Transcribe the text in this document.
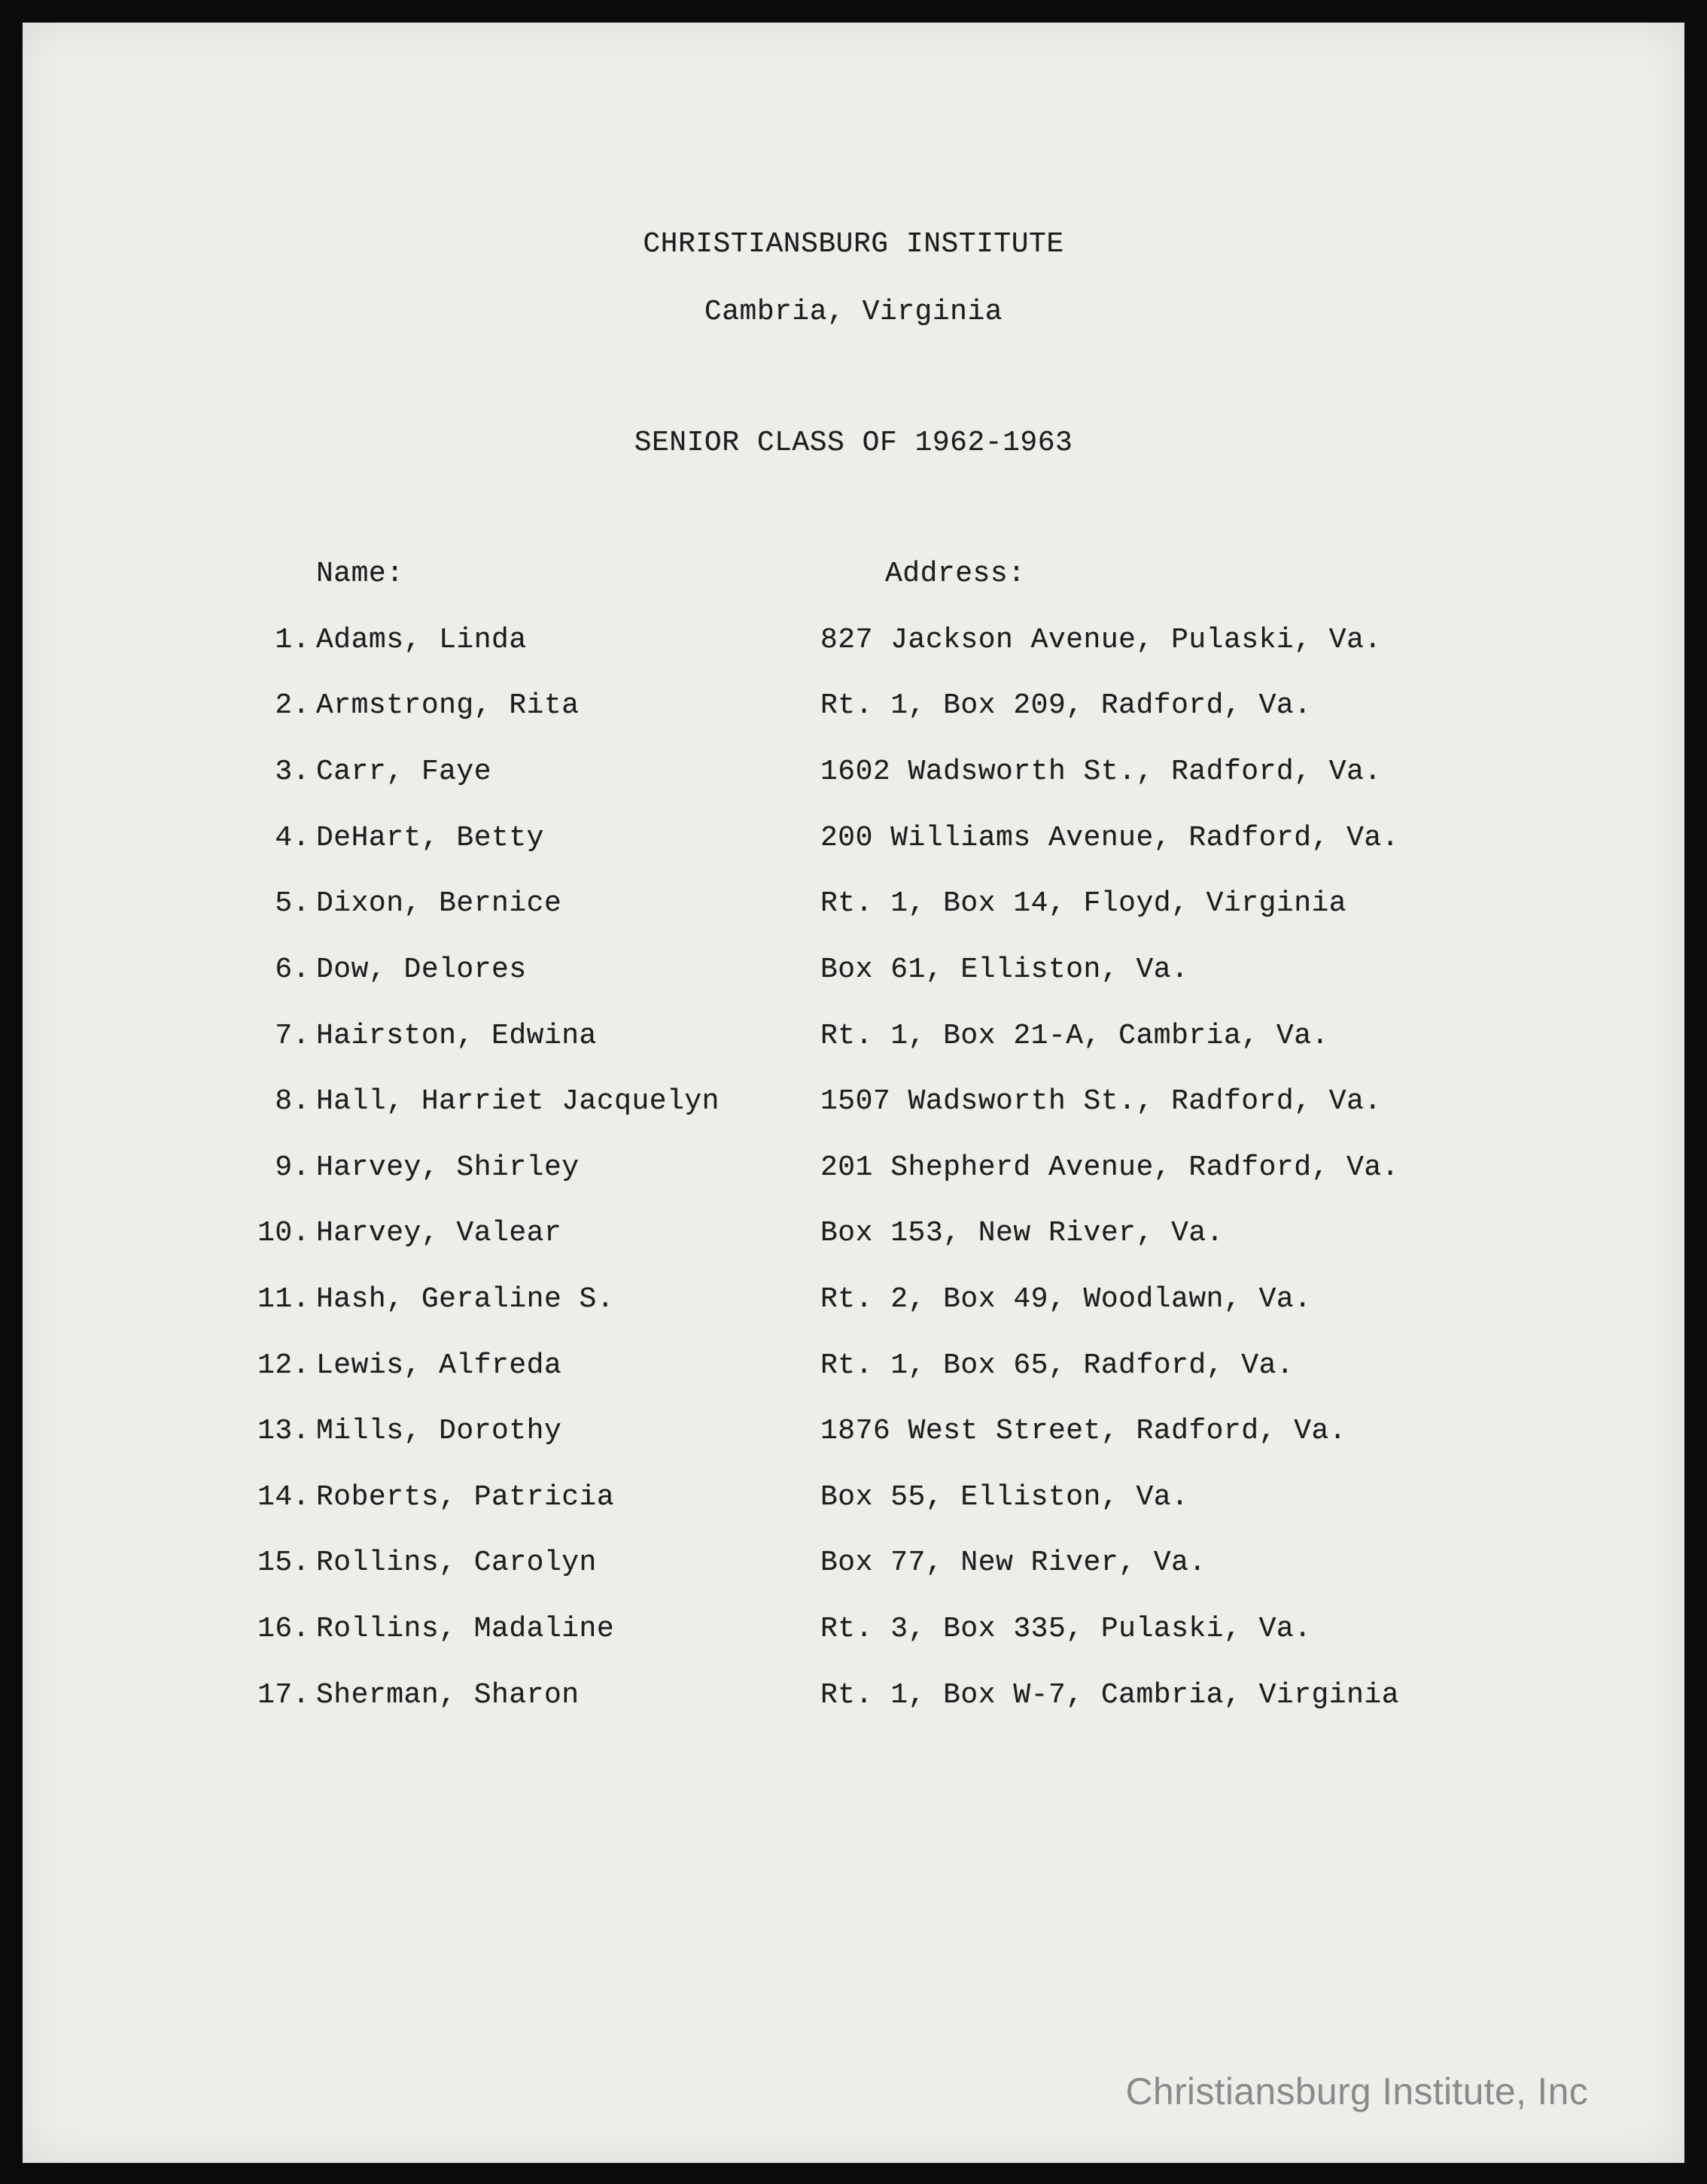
CHRISTIANSBURG INSTITUTE
Cambria, Virginia
SENIOR CLASS OF 1962-1963
Name:	Address:
1. Adams, Linda	827 Jackson Avenue, Pulaski, Va.
2. Armstrong, Rita	Rt. 1, Box 209, Radford, Va.
3. Carr, Faye	1602 Wadsworth St., Radford, Va.
4. DeHart, Betty	200 Williams Avenue, Radford, Va.
5. Dixon, Bernice	Rt. 1, Box 14, Floyd, Virginia
6. Dow, Delores	Box 61, Elliston, Va.
7. Hairston, Edwina	Rt. 1, Box 21-A, Cambria, Va.
8. Hall, Harriet Jacquelyn	1507 Wadsworth St., Radford, Va.
9. Harvey, Shirley	201 Shepherd Avenue, Radford, Va.
10. Harvey, Valear	Box 153, New River, Va.
11. Hash, Geraline S.	Rt. 2, Box 49, Woodlawn, Va.
12. Lewis, Alfreda	Rt. 1, Box 65, Radford, Va.
13. Mills, Dorothy	1876 West Street, Radford, Va.
14. Roberts, Patricia	Box 55, Elliston, Va.
15. Rollins, Carolyn	Box 77, New River, Va.
16. Rollins, Madaline	Rt. 3, Box 335, Pulaski, Va.
17. Sherman, Sharon	Rt. 1, Box W-7, Cambria, Virginia
Christiansburg Institute, Inc
